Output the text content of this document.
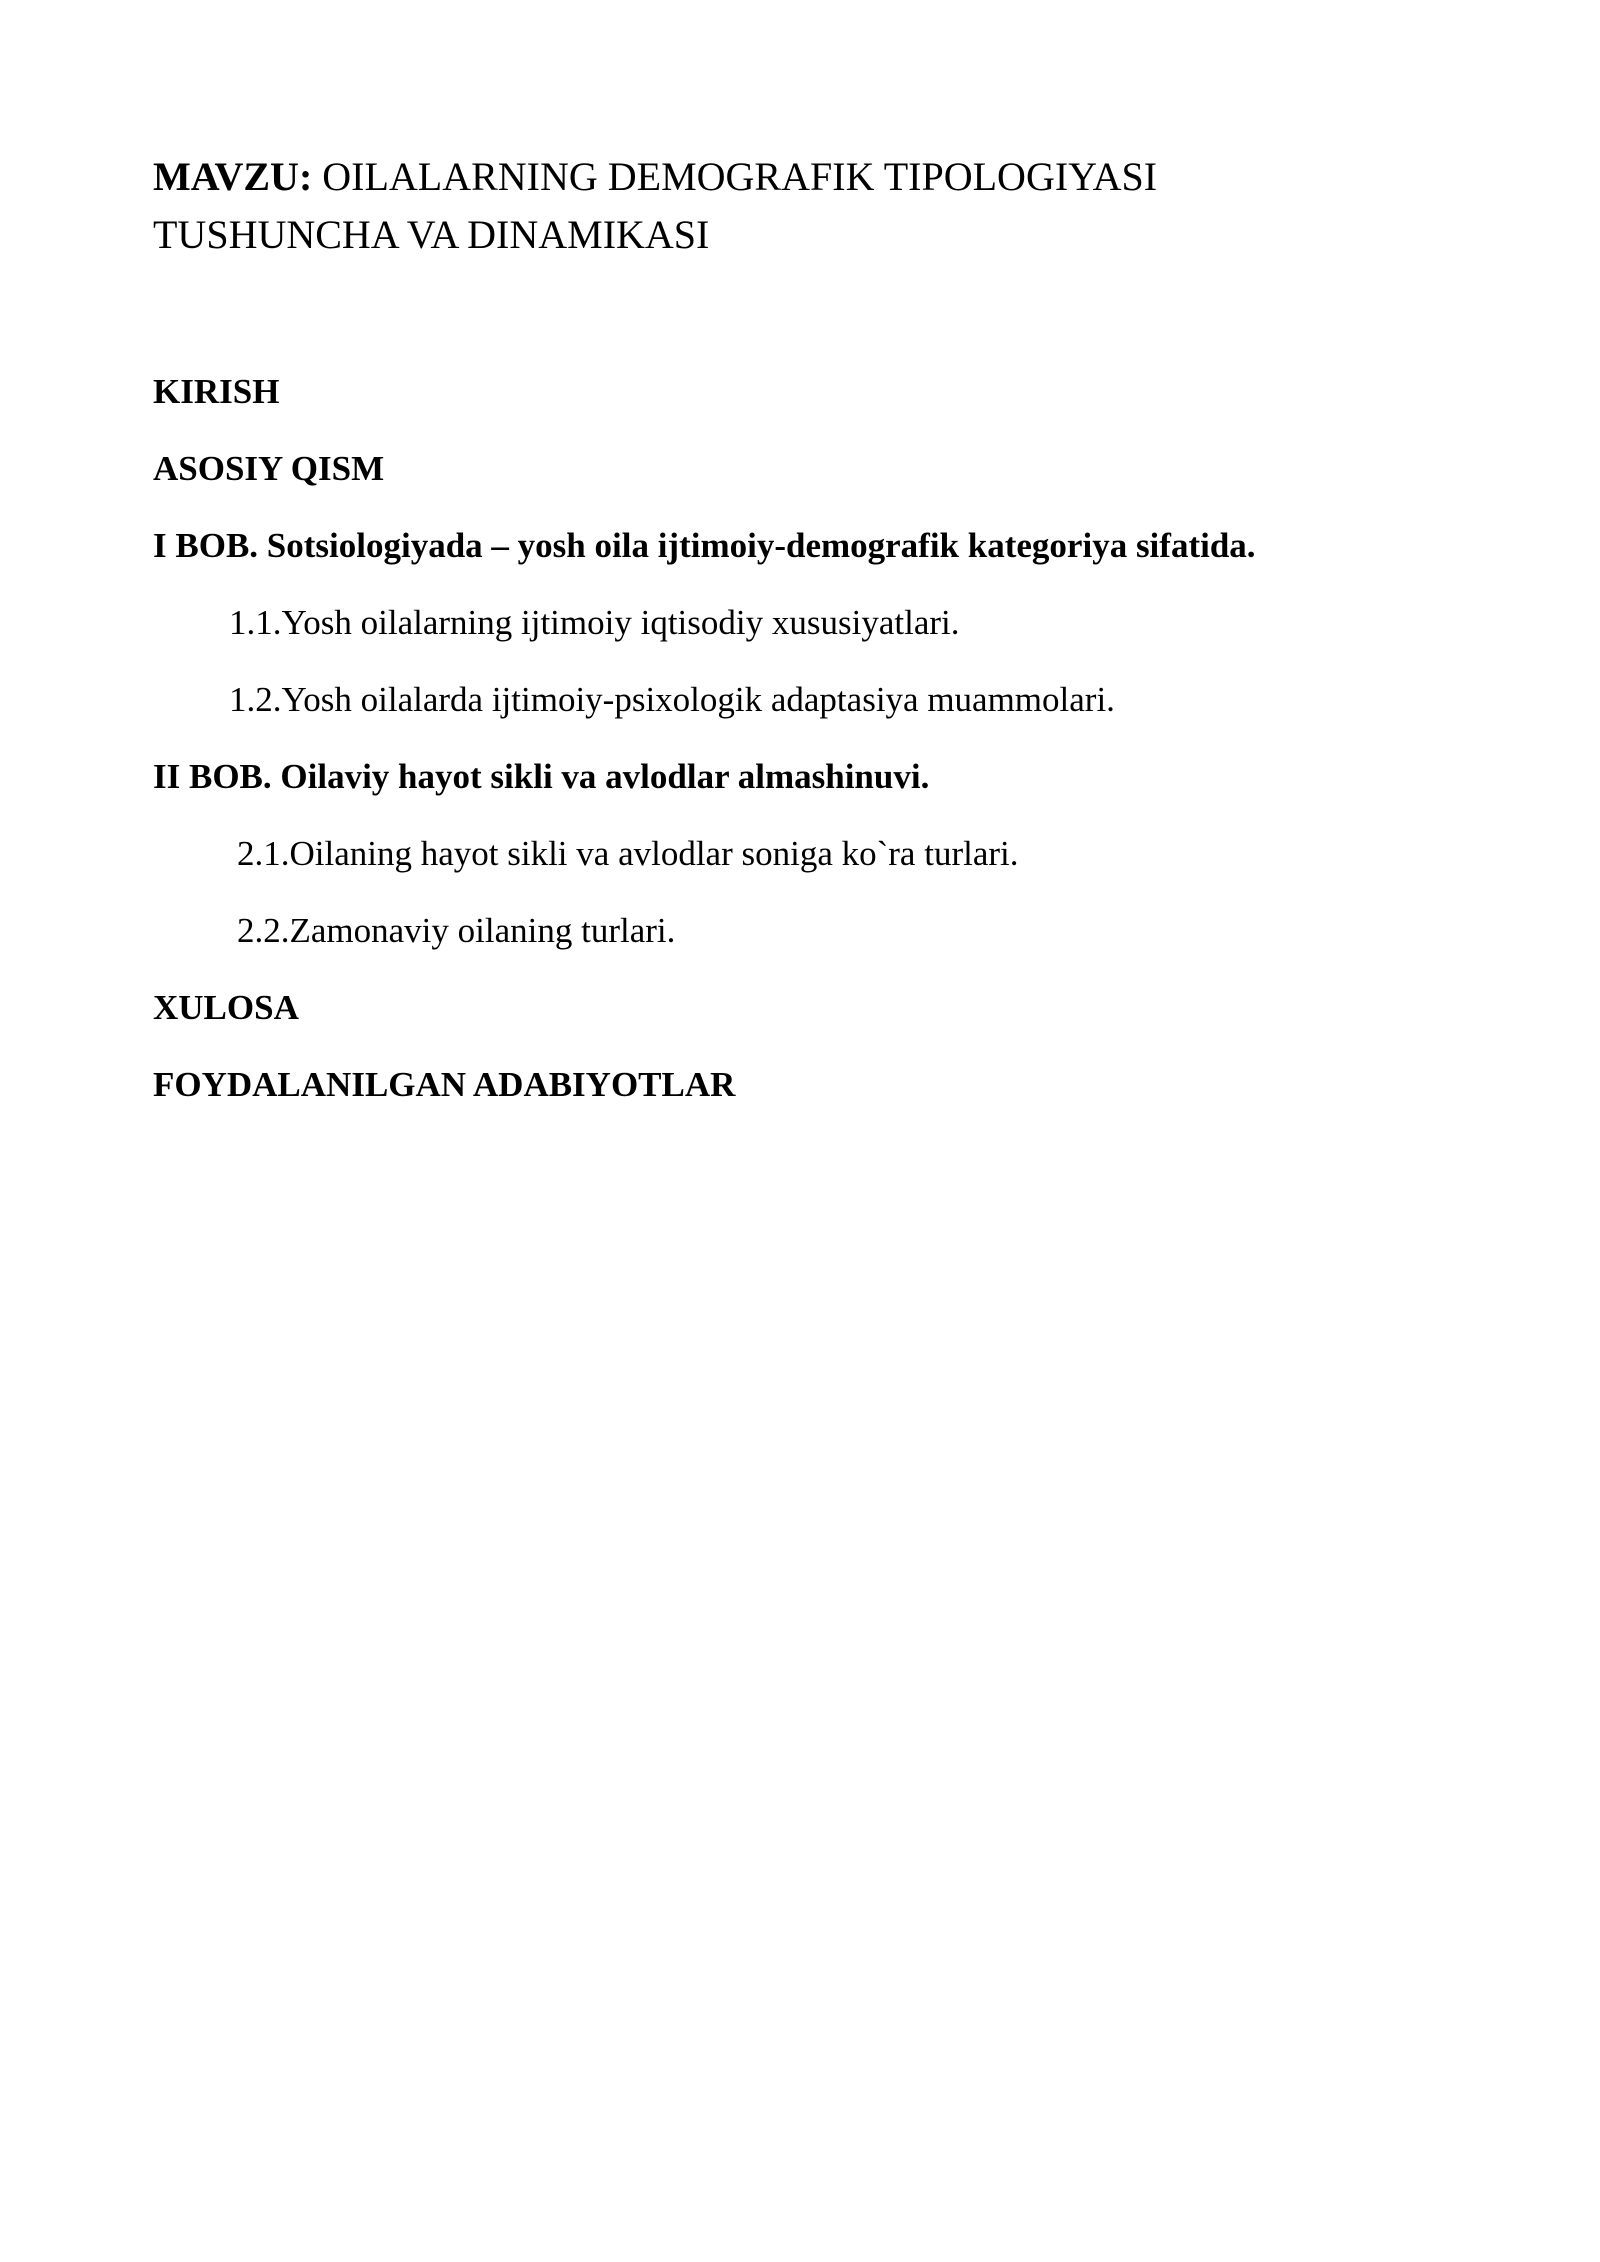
MAVZU: OILALARNING DEMOGRAFIK TIPOLOGIYASI
TUSHUNCHA VA DINAMIKASI
KIRISH
ASOSIY QISM
I BOB. Sotsiologiyada – yosh oila ijtimoiy-demografik kategoriya sifatida.
1.1.Yosh oilalarning ijtimoiy iqtisodiy xususiyatlari.
1.2.Yosh oilalarda ijtimoiy-psixologik adaptasiya muammolari.
II BOB. Oilaviy hayot sikli va avlodlar almashinuvi.
2.1.Oilaning hayot sikli va avlodlar soniga ko`ra turlari.
2.2.Zamonaviy oilaning turlari.
XULOSA
FOYDALANILGAN ADABIYOTLAR
